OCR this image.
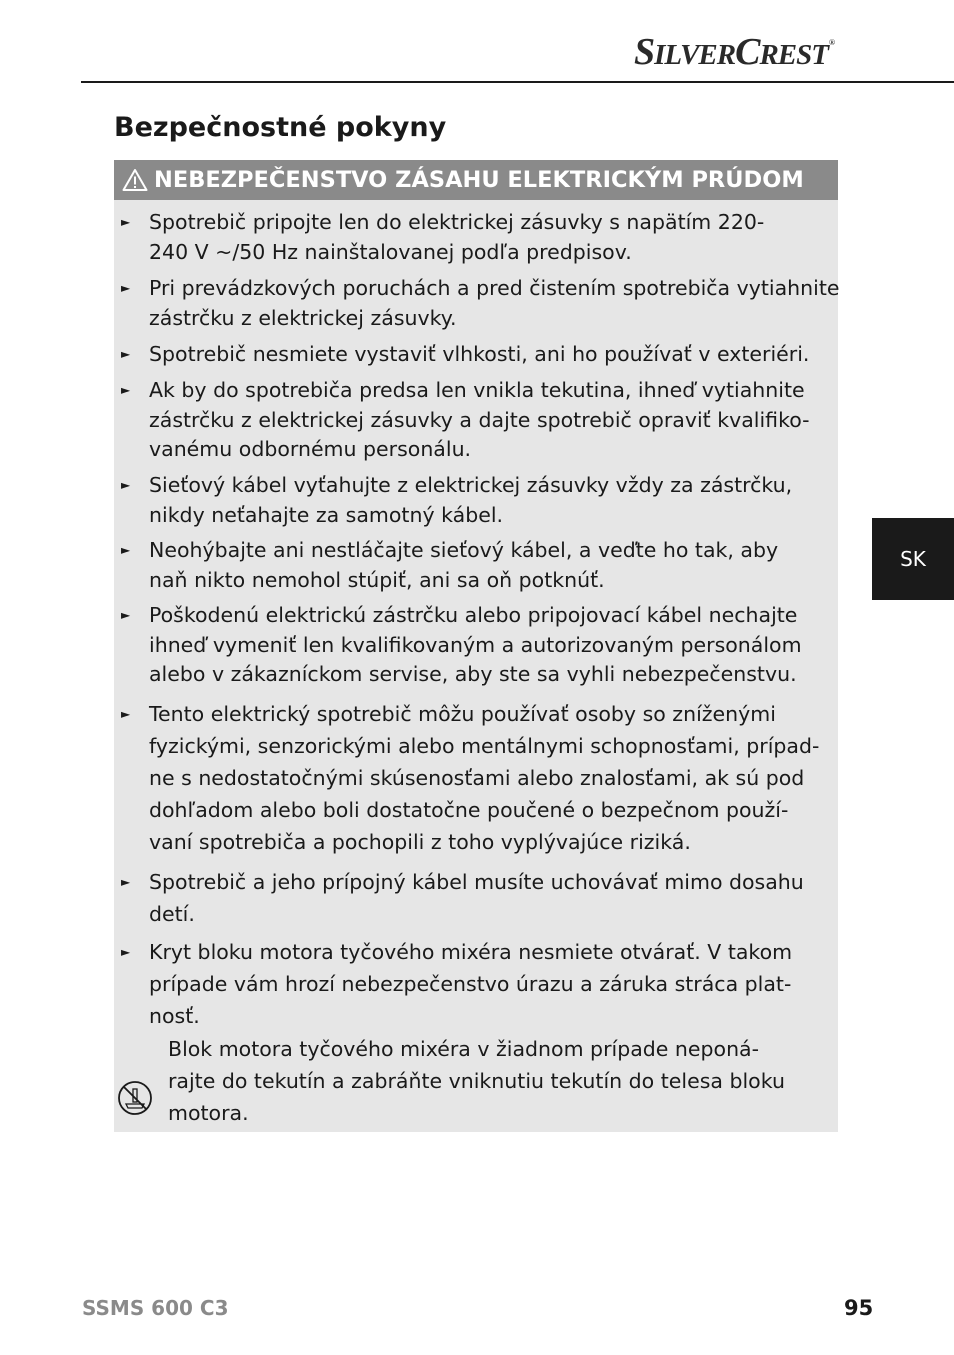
SILVERCREST®
Bezpečnostné pokyny
NEBEZPEČENSTVO ZÁSAHU ELEKTRICKÝM PRÚDOM
► Spotrebič pripojte len do elektrickej zásuvky s napätím 220-
240 V ~/50 Hz nainštalovanej podľa predpisov.
► Pri prevádzkových poruchách a pred čistením spotrebiča vytiahnite
zástrčku z elektrickej zásuvky.
► Spotrebič nesmiete vystaviť vlhkosti, ani ho používať v exteriéri.
► Ak by do spotrebiča predsa len vnikla tekutina, ihneď vytiahnite
zástrčku z elektrickej zásuvky a dajte spotrebič opraviť kvalifiko-
vanému odbornému personálu.
► Sieťový kábel vyťahujte z elektrickej zásuvky vždy za zástrčku,
nikdy neťahajte za samotný kábel.
► Neohýbajte ani nestláčajte sieťový kábel, a veďte ho tak, aby
naň nikto nemohol stúpiť, ani sa oň potknúť.
► Poškodenú elektrickú zástrčku alebo pripojovací kábel nechajte
ihneď vymeniť len kvalifikovaným a autorizovaným personálom
alebo v zákazníckom servise, aby ste sa vyhli nebezpečenstvu.
► Tento elektrický spotrebič môžu používať osoby so zníženými
fyzickými, senzorickými alebo mentálnymi schopnosťami, prípad-
ne s nedostatočnými skúsenosťami alebo znalosťami, ak sú pod
dohľadom alebo boli dostatočne poučené o bezpečnom použí-
vaní spotrebiča a pochopili z toho vyplývajúce riziká.
► Spotrebič a jeho prípojný kábel musíte uchovávať mimo dosahu
detí.
► Kryt bloku motora tyčového mixéra nesmiete otvárať. V takom
prípade vám hrozí nebezpečenstvo úrazu a záruka stráca plat-
nosť.
Blok motora tyčového mixéra v žiadnom prípade neponá-
rajte do tekutín a zabráňte vniknutiu tekutín do telesa bloku
motora.
SK
SSMS 600 C3	95
